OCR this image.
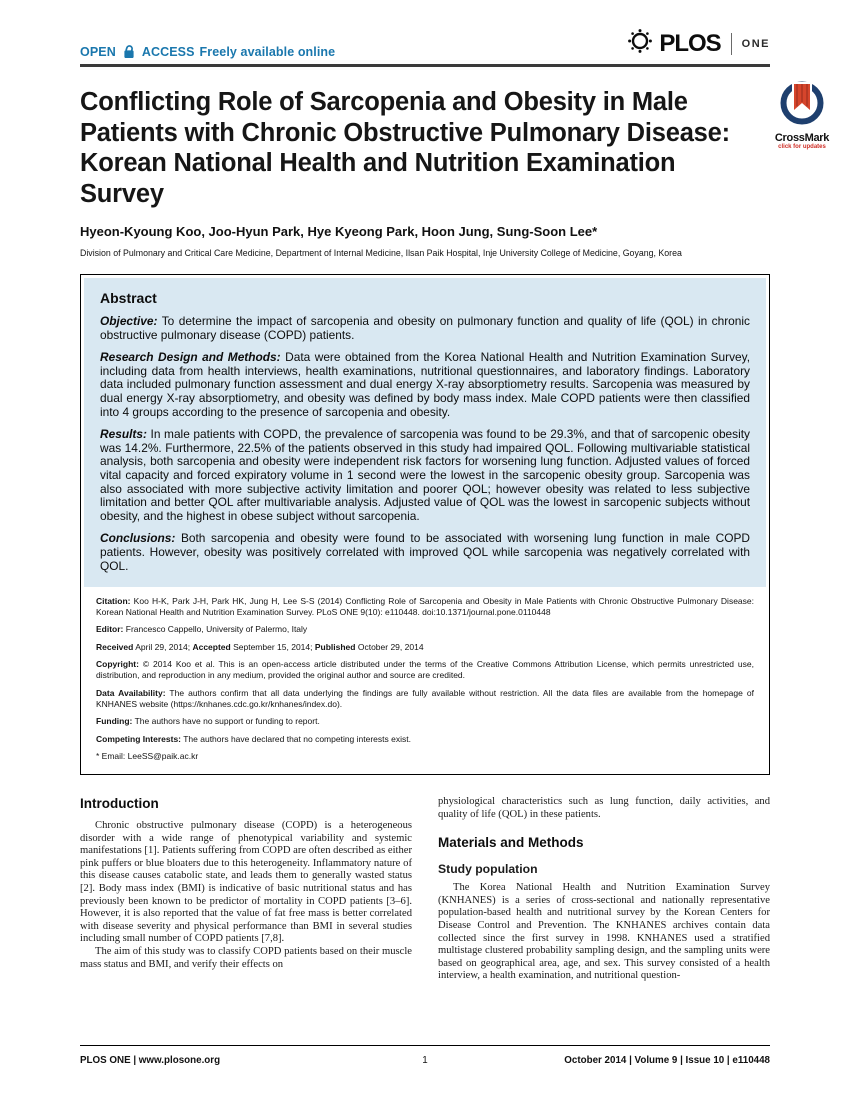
OPEN ACCESS Freely available online	PLOS ONE
Conflicting Role of Sarcopenia and Obesity in Male Patients with Chronic Obstructive Pulmonary Disease: Korean National Health and Nutrition Examination Survey
Hyeon-Kyoung Koo, Joo-Hyun Park, Hye Kyeong Park, Hoon Jung, Sung-Soon Lee*
Division of Pulmonary and Critical Care Medicine, Department of Internal Medicine, Ilsan Paik Hospital, Inje University College of Medicine, Goyang, Korea
Abstract

Objective: To determine the impact of sarcopenia and obesity on pulmonary function and quality of life (QOL) in chronic obstructive pulmonary disease (COPD) patients.

Research Design and Methods: Data were obtained from the Korea National Health and Nutrition Examination Survey, including data from health interviews, health examinations, nutritional questionnaires, and laboratory findings. Laboratory data included pulmonary function assessment and dual energy X-ray absorptiometry results. Sarcopenia was measured by dual energy X-ray absorptiometry, and obesity was defined by body mass index. Male COPD patients were then classified into 4 groups according to the presence of sarcopenia and obesity.

Results: In male patients with COPD, the prevalence of sarcopenia was found to be 29.3%, and that of sarcopenic obesity was 14.2%. Furthermore, 22.5% of the patients observed in this study had impaired QOL. Following multivariable statistical analysis, both sarcopenia and obesity were independent risk factors for worsening lung function. Adjusted values of forced vital capacity and forced expiratory volume in 1 second were the lowest in the sarcopenic obesity group. Sarcopenia was also associated with more subjective activity limitation and poorer QOL; however obesity was related to less subjective limitation and better QOL after multivariable analysis. Adjusted value of QOL was the lowest in sarcopenic subjects without obesity, and the highest in obese subject without sarcopenia.

Conclusions: Both sarcopenia and obesity were found to be associated with worsening lung function in male COPD patients. However, obesity was positively correlated with improved QOL while sarcopenia was negatively correlated with QOL.

Citation: Koo H-K, Park J-H, Park HK, Jung H, Lee S-S (2014) Conflicting Role of Sarcopenia and Obesity in Male Patients with Chronic Obstructive Pulmonary Disease: Korean National Health and Nutrition Examination Survey. PLoS ONE 9(10): e110448. doi:10.1371/journal.pone.0110448

Editor: Francesco Cappello, University of Palermo, Italy

Received April 29, 2014; Accepted September 15, 2014; Published October 29, 2014

Copyright: © 2014 Koo et al. This is an open-access article distributed under the terms of the Creative Commons Attribution License, which permits unrestricted use, distribution, and reproduction in any medium, provided the original author and source are credited.

Data Availability: The authors confirm that all data underlying the findings are fully available without restriction. All the data files are available from the homepage of KNHANES website (https://knhanes.cdc.go.kr/knhanes/index.do).

Funding: The authors have no support or funding to report.

Competing Interests: The authors have declared that no competing interests exist.

* Email: LeeSS@paik.ac.kr

Introduction

Chronic obstructive pulmonary disease (COPD) is a heterogeneous disorder with a wide range of phenotypical variability and systemic manifestations [1]. Patients suffering from COPD are often described as either pink puffers or blue bloaters due to this heterogeneity. Inflammatory nature of this disease causes catabolic state, and leads them to generally wasted status [2]. Body mass index (BMI) is indicative of basic nutritional status and has previously been known to be predictor of mortality in COPD patients [3–6]. However, it is also reported that the value of fat free mass is better correlated with disease severity and physical performance than BMI in several studies including small number of COPD patients [7,8].

The aim of this study was to classify COPD patients based on their muscle mass status and BMI, and verify their effects on

physiological characteristics such as lung function, daily activities, and quality of life (QOL) in these patients.

Materials and Methods
Study population

The Korea National Health and Nutrition Examination Survey (KNHANES) is a series of cross-sectional and nationally representative population-based health and nutritional survey by the Korean Centers for Disease Control and Prevention. The KNHANES archives contain data collected since the first survey in 1998. KNHANES used a stratified multistage clustered probability sampling design, and the sampling units were based on geographical area, age, and sex. This survey consisted of a health interview, a health examination, and nutritional question-

CrossMark
click for updates
PLOS ONE | www.plosone.org	1	October 2014 | Volume 9 | Issue 10 | e110448
